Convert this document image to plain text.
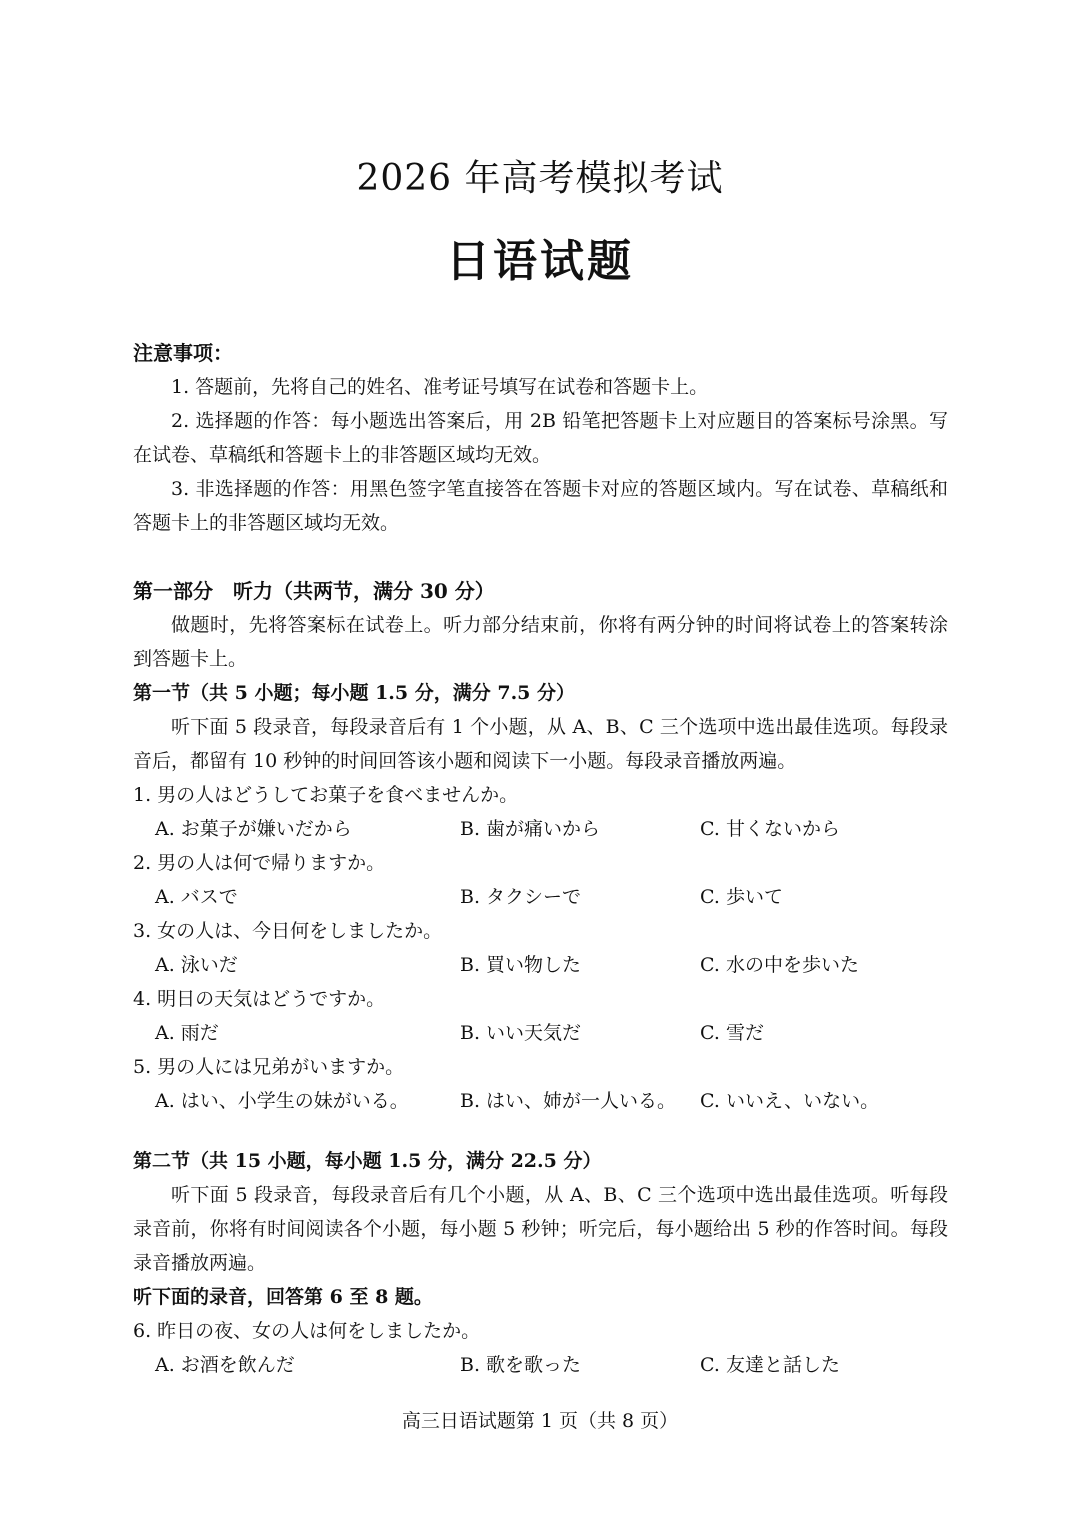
2026 年高考模拟考试
日语试题

注意事项：

1. 答题前，先将自己的姓名、准考证号填写在试卷和答题卡上。

2. 选择题的作答：每小题选出答案后，用 2B 铅笔把答题卡上对应题目的答案标号涂黑。写在试卷、草稿纸和答题卡上的非答题区域均无效。

3. 非选择题的作答：用黑色签字笔直接答在答题卡对应的答题区域内。写在试卷、草稿纸和答题卡上的非答题区域均无效。

第一部分　听力（共两节，满分 30 分）

做题时，先将答案标在试卷上。听力部分结束前，你将有两分钟的时间将试卷上的答案转涂到答题卡上。

第一节（共 5 小题；每小题 1.5 分，满分 7.5 分）

听下面 5 段录音，每段录音后有 1 个小题，从 A、B、C 三个选项中选出最佳选项。每段录音后，都留有 10 秒钟的时间回答该小题和阅读下一小题。每段录音播放两遍。

1. 男の人はどうしてお菓子を食べませんか。

A. お菓子が嫌いだから	B. 歯が痛いから	C. 甘くないから

2. 男の人は何で帰りますか。

A. バスで	B. タクシーで	C. 歩いて

3. 女の人は、今日何をしましたか。

A. 泳いだ	B. 買い物した	C. 水の中を歩いた

4. 明日の天気はどうですか。

A. 雨だ	B. いい天気だ	C. 雪だ

5. 男の人には兄弟がいますか。

A. はい、小学生の妹がいる。	B. はい、姉が一人いる。	C. いいえ、いない。

第二节（共 15 小题，每小题 1.5 分，满分 22.5 分）

听下面 5 段录音，每段录音后有几个小题，从 A、B、C 三个选项中选出最佳选项。听每段录音前，你将有时间阅读各个小题，每小题 5 秒钟；听完后，每小题给出 5 秒的作答时间。每段录音播放两遍。

听下面的录音，回答第 6 至 8 题。

6. 昨日の夜、女の人は何をしましたか。

A. お酒を飲んだ	B. 歌を歌った	C. 友達と話した
高三日语试题第 1 页（共 8 页）
